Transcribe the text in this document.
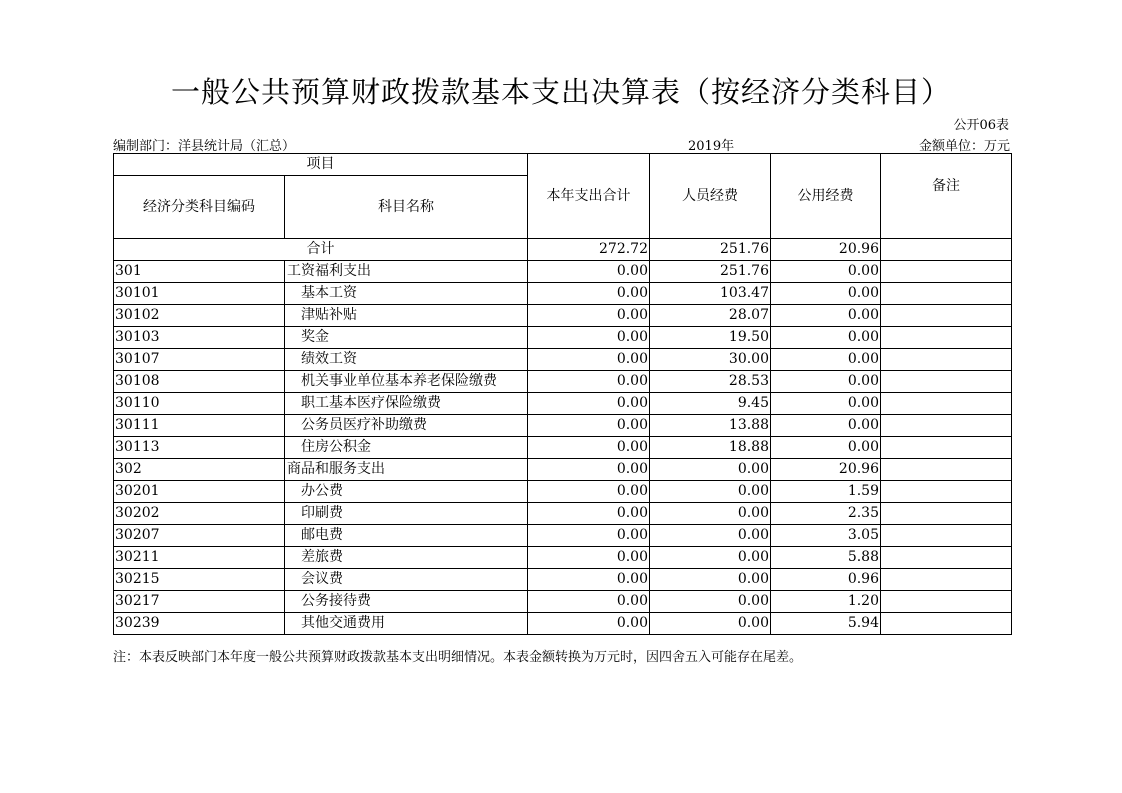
一般公共预算财政拨款基本支出决算表（按经济分类科目）
公开06表
编制部门：洋县统计局（汇总）	2019年	金额单位：万元
项目		本年支出合计	人员经费	公用经费	备注
经济分类科目编码	科目名称				
合计		272.72	251.76	20.96	
301	工资福利支出	0.00	251.76	0.00	
30101	基本工资	0.00	103.47	0.00	
30102	津贴补贴	0.00	28.07	0.00	
30103	奖金	0.00	19.50	0.00	
30107	绩效工资	0.00	30.00	0.00	
30108	机关事业单位基本养老保险缴费	0.00	28.53	0.00	
30110	职工基本医疗保险缴费	0.00	9.45	0.00	
30111	公务员医疗补助缴费	0.00	13.88	0.00	
30113	住房公积金	0.00	18.88	0.00	
302	商品和服务支出	0.00	0.00	20.96	
30201	办公费	0.00	0.00	1.59	
30202	印刷费	0.00	0.00	2.35	
30207	邮电费	0.00	0.00	3.05	
30211	差旅费	0.00	0.00	5.88	
30215	会议费	0.00	0.00	0.96	
30217	公务接待费	0.00	0.00	1.20	
30239	其他交通费用	0.00	0.00	5.94	
注：本表反映部门本年度一般公共预算财政拨款基本支出明细情况。本表金额转换为万元时，因四舍五入可能存在尾差。
